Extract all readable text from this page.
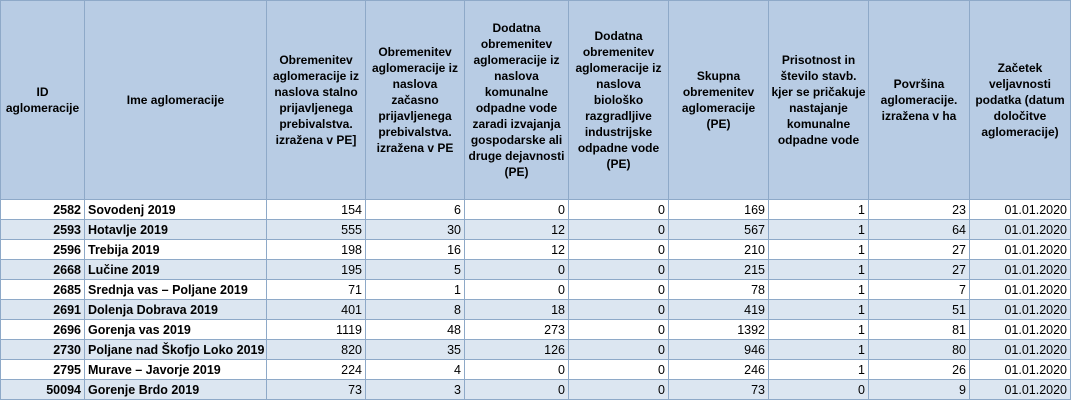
ID aglomeracije	Ime aglomeracije	Obremenitev aglomeracije iz naslova stalno prijavljenega prebivalstva. izražena v PE]	Obremenitev aglomeracije iz naslova začasno prijavljenega prebivalstva. izražena v PE	Dodatna obremenitev aglomeracije iz naslova komunalne odpadne vode zaradi izvajanja gospodarske ali druge dejavnosti (PE)	Dodatna obremenitev aglomeracije iz naslova biološko razgradljive industrijske odpadne vode (PE)	Skupna obremenitev aglomeracije (PE)	Prisotnost in število stavb. kjer se pričakuje nastajanje komunalne odpadne vode	Površina aglomeracije. izražena v ha	Začetek veljavnosti podatka (datum določitve aglomeracije)
2582	Sovodenj 2019	154	6	0	0	169	1	23	01.01.2020
2593	Hotavlje 2019	555	30	12	0	567	1	64	01.01.2020
2596	Trebija 2019	198	16	12	0	210	1	27	01.01.2020
2668	Lučine 2019	195	5	0	0	215	1	27	01.01.2020
2685	Srednja vas – Poljane 2019	71	1	0	0	78	1	7	01.01.2020
2691	Dolenja Dobrava 2019	401	8	18	0	419	1	51	01.01.2020
2696	Gorenja vas 2019	1119	48	273	0	1392	1	81	01.01.2020
2730	Poljane nad Škofjo Loko 2019	820	35	126	0	946	1	80	01.01.2020
2795	Murave – Javorje 2019	224	4	0	0	246	1	26	01.01.2020
50094	Gorenje Brdo 2019	73	3	0	0	73	0	9	01.01.2020
